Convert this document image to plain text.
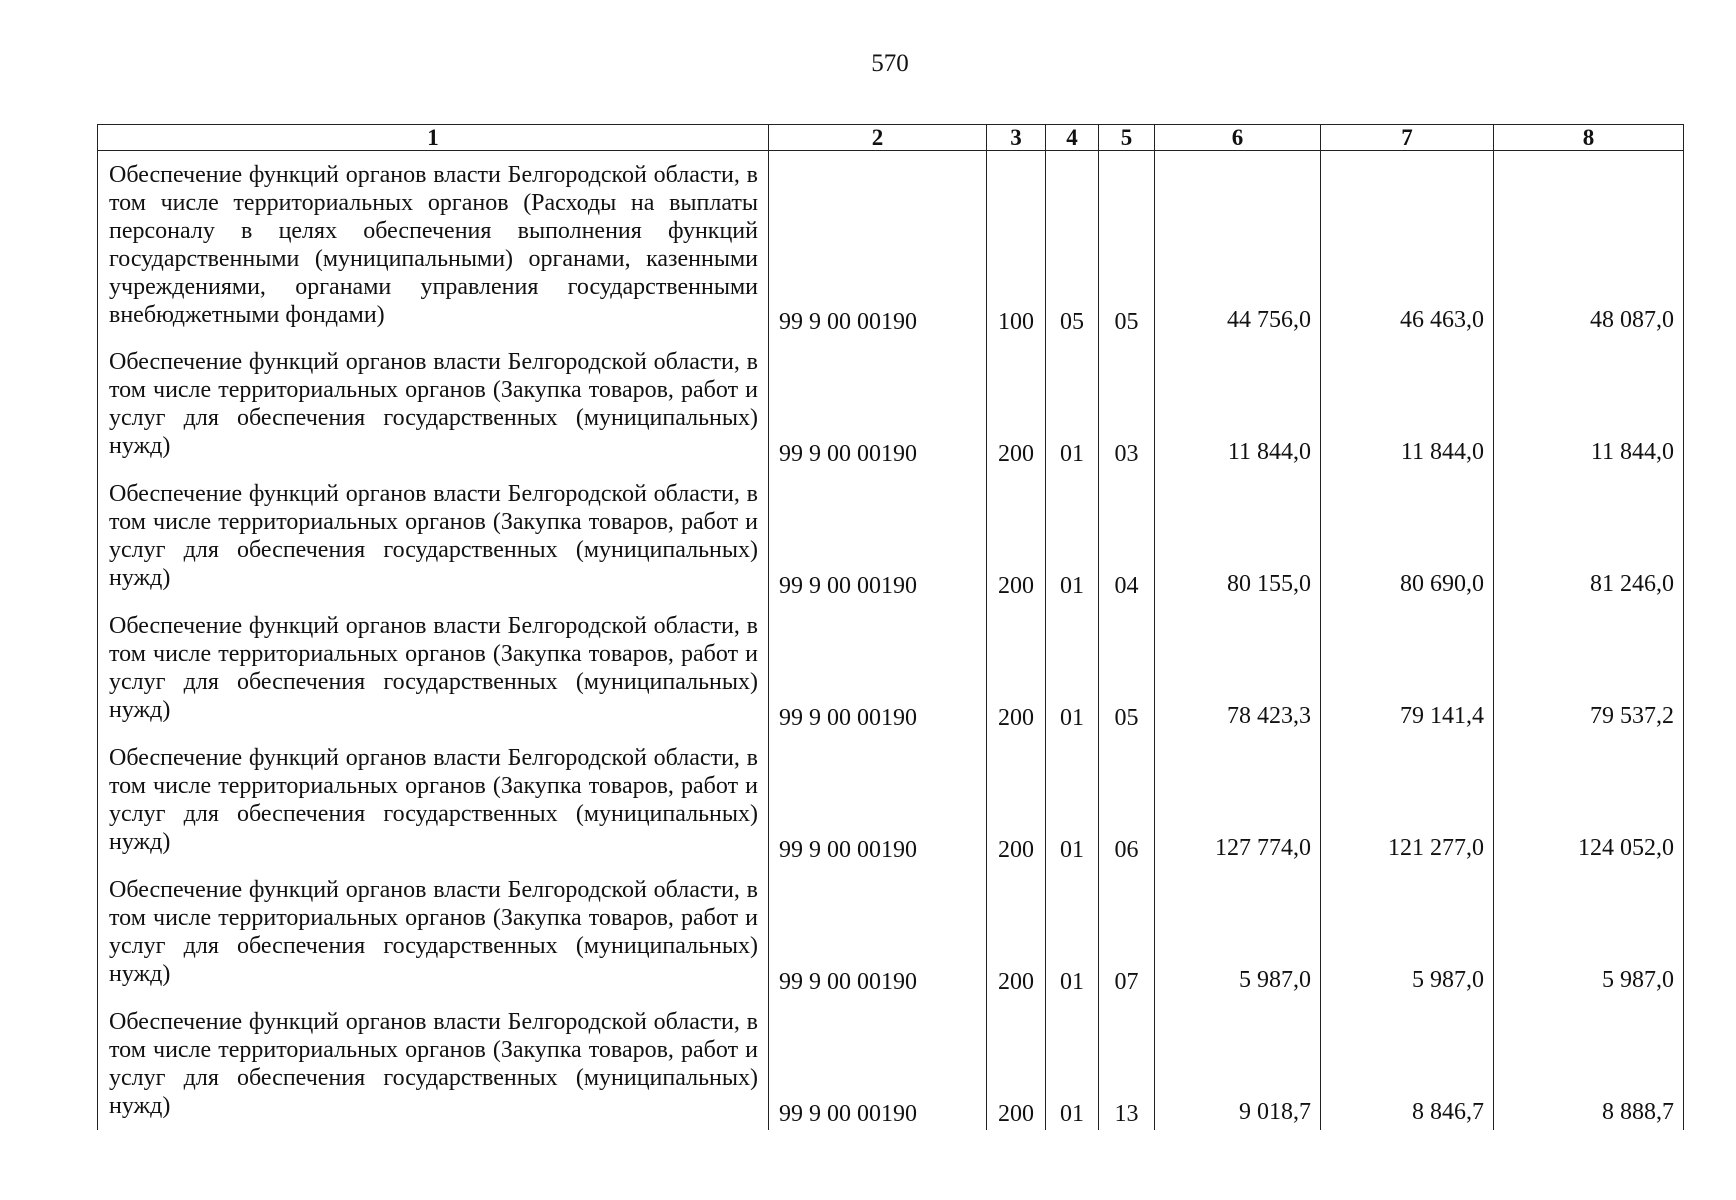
570
1	2	3	4	5	6	7	8
Обеспечение функций органов власти Белгородской области, в том числе территориальных органов (Расходы на выплаты персоналу в целях обеспечения выполнения функций государственными (муниципальными) органами, казенными учреждениями, органами управления государственными внебюджетными фондами)	99 9 00 00190	100	05	05	44 756,0	46 463,0	48 087,0
Обеспечение функций органов власти Белгородской области, в том числе территориальных органов (Закупка товаров, работ и услуг для обеспечения государственных (муниципальных) нужд)	99 9 00 00190	200	01	03	11 844,0	11 844,0	11 844,0
Обеспечение функций органов власти Белгородской области, в том числе территориальных органов (Закупка товаров, работ и услуг для обеспечения государственных (муниципальных) нужд)	99 9 00 00190	200	01	04	80 155,0	80 690,0	81 246,0
Обеспечение функций органов власти Белгородской области, в том числе территориальных органов (Закупка товаров, работ и услуг для обеспечения государственных (муниципальных) нужд)	99 9 00 00190	200	01	05	78 423,3	79 141,4	79 537,2
Обеспечение функций органов власти Белгородской области, в том числе территориальных органов (Закупка товаров, работ и услуг для обеспечения государственных (муниципальных) нужд)	99 9 00 00190	200	01	06	127 774,0	121 277,0	124 052,0
Обеспечение функций органов власти Белгородской области, в том числе территориальных органов (Закупка товаров, работ и услуг для обеспечения государственных (муниципальных) нужд)	99 9 00 00190	200	01	07	5 987,0	5 987,0	5 987,0
Обеспечение функций органов власти Белгородской области, в том числе территориальных органов (Закупка товаров, работ и услуг для обеспечения государственных (муниципальных) нужд)	99 9 00 00190	200	01	13	9 018,7	8 846,7	8 888,7
